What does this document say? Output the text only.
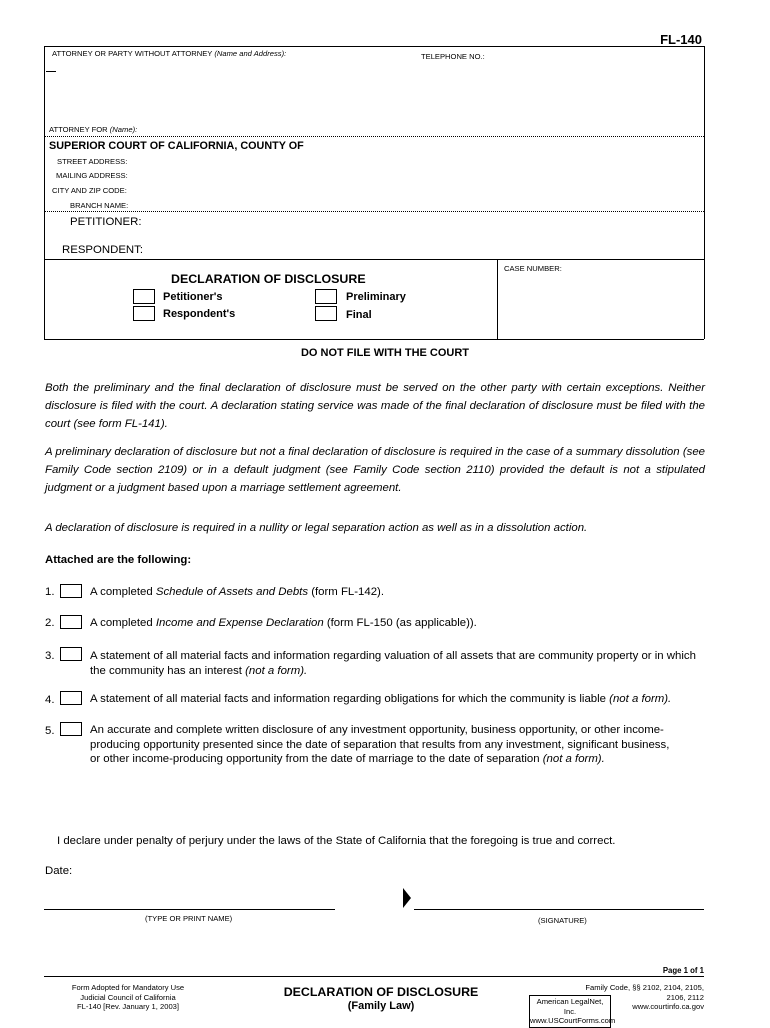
FL-140
ATTORNEY OR PARTY WITHOUT ATTORNEY (Name and Address):	TELEPHONE NO.:
ATTORNEY FOR (Name):
SUPERIOR COURT OF CALIFORNIA, COUNTY OF
STREET ADDRESS:
MAILING ADDRESS:
CITY AND ZIP CODE:
BRANCH NAME:
PETITIONER:
RESPONDENT:
CASE NUMBER:
DECLARATION OF DISCLOSURE
Petitioner's
Respondent's
Preliminary
Final
DO NOT FILE WITH THE COURT
Both the preliminary and the final declaration of disclosure must be served on the other party with certain exceptions. Neither disclosure is filed with the court. A declaration stating service was made of the final declaration of disclosure must be filed with the court (see form FL-141).
A preliminary declaration of disclosure but not a final declaration of disclosure is required in the case of a summary dissolution (see Family Code section 2109) or in a default judgment (see Family Code section 2110) provided the default is not a stipulated judgment or a judgment based upon a marriage settlement agreement.
A declaration of disclosure is required in a nullity or legal separation action as well as in a dissolution action.
Attached are the following:
1.	A completed Schedule of Assets and Debts (form FL-142).
2.	A completed Income and Expense Declaration (form FL-150 (as applicable)).
3.	A statement of all material facts and information regarding valuation of all assets that are community property or in which the community has an interest (not a form).
4.	A statement of all material facts and information regarding obligations for which the community is liable (not a form).
5.	An accurate and complete written disclosure of any investment opportunity, business opportunity, or other income-producing opportunity presented since the date of separation that results from any investment, significant business, or other income-producing opportunity from the date of marriage to the date of separation (not a form).
I declare under penalty of perjury under the laws of the State of California that the foregoing is true and correct.
Date:
(TYPE OR PRINT NAME)	(SIGNATURE)
Page 1 of 1
Form Adopted for Mandatory Use
Judicial Council of California
FL-140 [Rev. January 1, 2003]
DECLARATION OF DISCLOSURE
(Family Law)	American LegalNet, Inc.
www.USCourtForms.com
Family Code, §§ 2102, 2104, 2105,
2106, 2112
www.courtinfo.ca.gov
